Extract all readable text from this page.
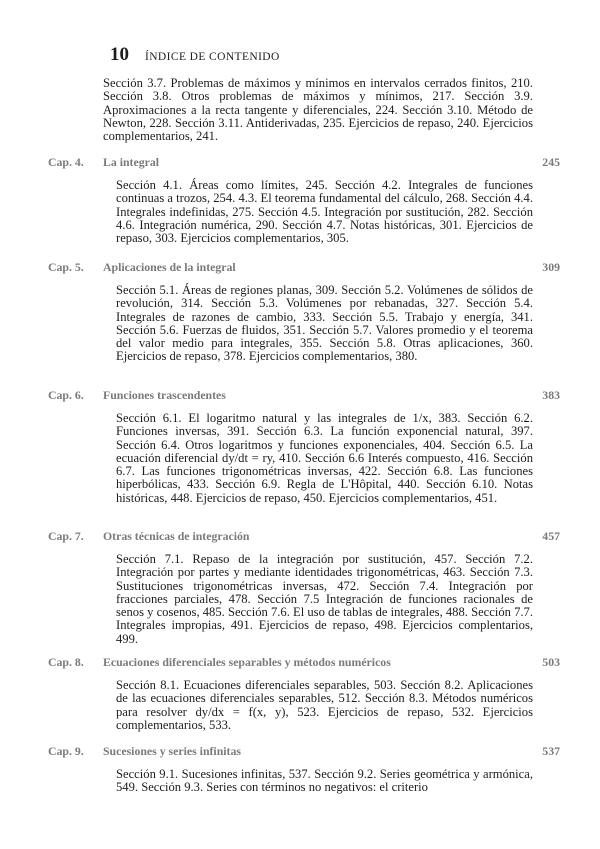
10 ÍNDICE DE CONTENIDO
Sección 3.7. Problemas de máximos y mínimos en intervalos cerrados finitos, 210. Sección 3.8. Otros problemas de máximos y mínimos, 217. Sección 3.9. Aproximaciones a la recta tangente y diferenciales, 224. Sección 3.10. Método de Newton, 228. Sección 3.11. Antiderivadas, 235. Ejercicios de repaso, 240. Ejercicios complementarios, 241.
Cap. 4. La integral	245
Sección 4.1. Áreas como límites, 245. Sección 4.2. Integrales de funciones continuas a trozos, 254. 4.3. El teorema fundamental del cálculo, 268. Sección 4.4. Integrales indefinidas, 275. Sección 4.5. Integración por sustitución, 282. Sección 4.6. Integración numérica, 290. Sección 4.7. Notas históricas, 301. Ejercicios de repaso, 303. Ejercicios complementarios, 305.
Cap. 5. Aplicaciones de la integral	309
Sección 5.1. Áreas de regiones planas, 309. Sección 5.2. Volúmenes de sólidos de revolución, 314. Sección 5.3. Volúmenes por rebanadas, 327. Sección 5.4. Integrales de razones de cambio, 333. Sección 5.5. Trabajo y energía, 341. Sección 5.6. Fuerzas de fluidos, 351. Sección 5.7. Valores promedio y el teorema del valor medio para integrales, 355. Sección 5.8. Otras aplicaciones, 360. Ejercicios de repaso, 378. Ejercicios complementarios, 380.
Cap. 6. Funciones trascendentes	383
Sección 6.1. El logaritmo natural y las integrales de 1/x, 383. Sección 6.2. Funciones inversas, 391. Sección 6.3. La función exponencial natural, 397. Sección 6.4. Otros logaritmos y funciones exponenciales, 404. Sección 6.5. La ecuación diferencial dy/dt = ry, 410. Sección 6.6 Interés compuesto, 416. Sección 6.7. Las funciones trigonométricas inversas, 422. Sección 6.8. Las funciones hiperbólicas, 433. Sección 6.9. Regla de L'Hôpital, 440. Sección 6.10. Notas históricas, 448. Ejercicios de repaso, 450. Ejercicios complementarios, 451.
Cap. 7. Otras técnicas de integración	457
Sección 7.1. Repaso de la integración por sustitución, 457. Sección 7.2. Integración por partes y mediante identidades trigonométricas, 463. Sección 7.3. Sustituciones trigonométricas inversas, 472. Sección 7.4. Integración por fracciones parciales, 478. Sección 7.5 Integración de funciones racionales de senos y cosenos, 485. Sección 7.6. El uso de tablas de integrales, 488. Sección 7.7. Integrales impropias, 491. Ejercicios de repaso, 498. Ejercicios complentarios, 499.
Cap. 8. Ecuaciones diferenciales separables y métodos numéricos	503
Sección 8.1. Ecuaciones diferenciales separables, 503. Sección 8.2. Aplicaciones de las ecuaciones diferenciales separables, 512. Sección 8.3. Métodos numéricos para resolver dy/dx = f(x, y), 523. Ejercicios de repaso, 532. Ejercicios complementarios, 533.
Cap. 9. Sucesiones y series infinitas	537
Sección 9.1. Sucesiones infinitas, 537. Sección 9.2. Series geométrica y armónica, 549. Sección 9.3. Series con términos no negativos: el criterio
